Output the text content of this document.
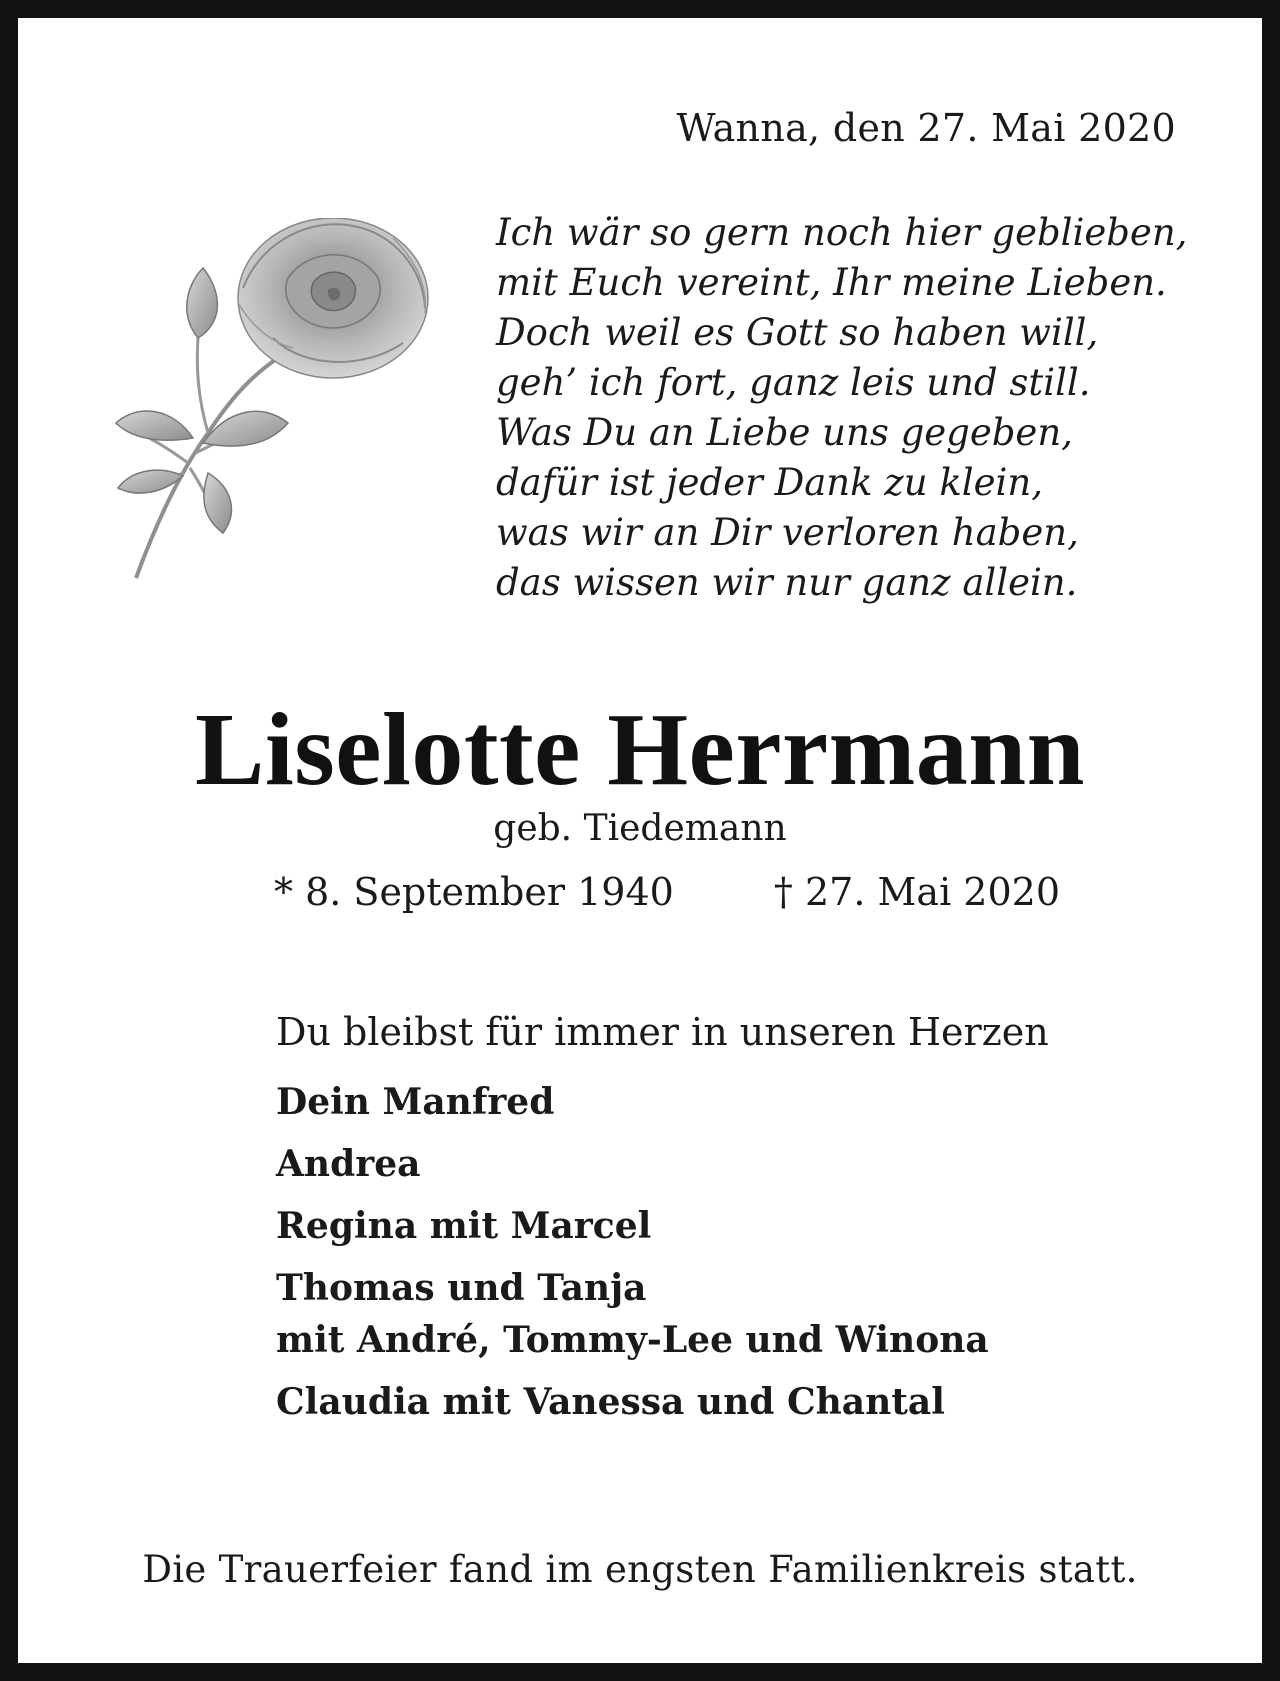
Wanna, den 27. Mai 2020
Ich wär so gern noch hier geblieben,
mit Euch vereint, Ihr meine Lieben.
Doch weil es Gott so haben will,
geh’ ich fort, ganz leis und still.
Was Du an Liebe uns gegeben,
dafür ist jeder Dank zu klein,
was wir an Dir verloren haben,
das wissen wir nur ganz allein.
Liselotte Herrmann
geb. Tiedemann
* 8. September 1940	† 27. Mai 2020
Du bleibst für immer in unseren Herzen
Dein Manfred
Andrea
Regina mit Marcel
Thomas und Tanja
mit André, Tommy-Lee und Winona
Claudia mit Vanessa und Chantal
Die Trauerfeier fand im engsten Familienkreis statt.
